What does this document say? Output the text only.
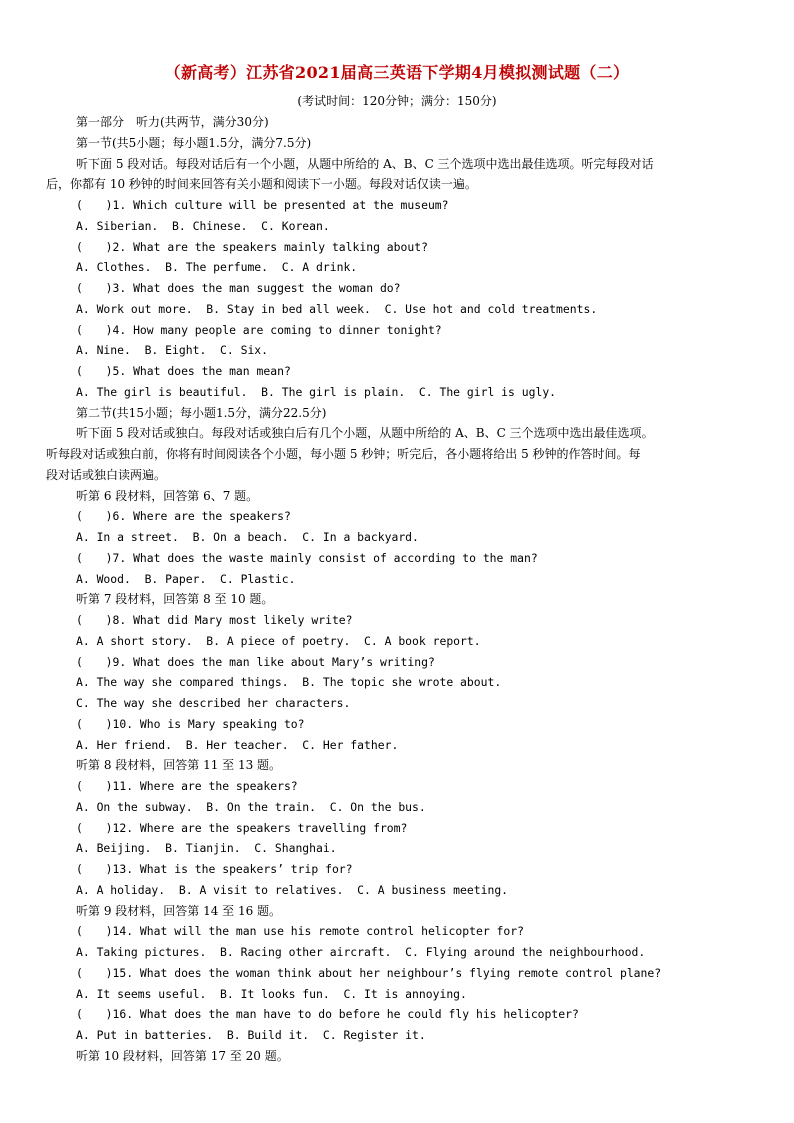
（新高考）江苏省2021届高三英语下学期4月模拟测试题（二）
(考试时间：120分钟；满分：150分)
第一部分　听力(共两节，满分30分)
第一节(共5小题；每小题1.5分，满分7.5分)
听下面 5 段对话。每段对话后有一个小题，从题中所给的 A、B、C 三个选项中选出最佳选项。听完每段对话
后，你都有 10 秒钟的时间来回答有关小题和阅读下一小题。每段对话仅读一遍。
(　　)1. Which culture will be presented at the museum?
A. Siberian.  B. Chinese.  C. Korean.
(　　)2. What are the speakers mainly talking about?
A. Clothes.  B. The perfume.  C. A drink.
(　　)3. What does the man suggest the woman do?
A. Work out more.  B. Stay in bed all week.  C. Use hot and cold treatments.
(　　)4. How many people are coming to dinner tonight?
A. Nine.  B. Eight.  C. Six.
(　　)5. What does the man mean?
A. The girl is beautiful.  B. The girl is plain.  C. The girl is ugly.
第二节(共15小题；每小题1.5分，满分22.5分)
听下面 5 段对话或独白。每段对话或独白后有几个小题，从题中所给的 A、B、C 三个选项中选出最佳选项。
听每段对话或独白前，你将有时间阅读各个小题，每小题 5 秒钟；听完后，各小题将给出 5 秒钟的作答时间。每
段对话或独白读两遍。
听第 6 段材料，回答第 6、7 题。
(　　)6. Where are the speakers?
A. In a street.  B. On a beach.  C. In a backyard.
(　　)7. What does the waste mainly consist of according to the man?
A. Wood.  B. Paper.  C. Plastic.
听第 7 段材料，回答第 8 至 10 题。
(　　)8. What did Mary most likely write?
A. A short story.  B. A piece of poetry.  C. A book report.
(　　)9. What does the man like about Mary’s writing?
A. The way she compared things.  B. The topic she wrote about.
C. The way she described her characters.
(　　)10. Who is Mary speaking to?
A. Her friend.  B. Her teacher.  C. Her father.
听第 8 段材料，回答第 11 至 13 题。
(　　)11. Where are the speakers?
A. On the subway.  B. On the train.  C. On the bus.
(　　)12. Where are the speakers travelling from?
A. Beijing.  B. Tianjin.  C. Shanghai.
(　　)13. What is the speakers’ trip for?
A. A holiday.  B. A visit to relatives.  C. A business meeting.
听第 9 段材料，回答第 14 至 16 题。
(　　)14. What will the man use his remote control helicopter for?
A. Taking pictures.  B. Racing other aircraft.  C. Flying around the neighbourhood.
(　　)15. What does the woman think about her neighbour’s flying remote control plane?
A. It seems useful.  B. It looks fun.  C. It is annoying.
(　　)16. What does the man have to do before he could fly his helicopter?
A. Put in batteries.  B. Build it.  C. Register it.
听第 10 段材料，回答第 17 至 20 题。
